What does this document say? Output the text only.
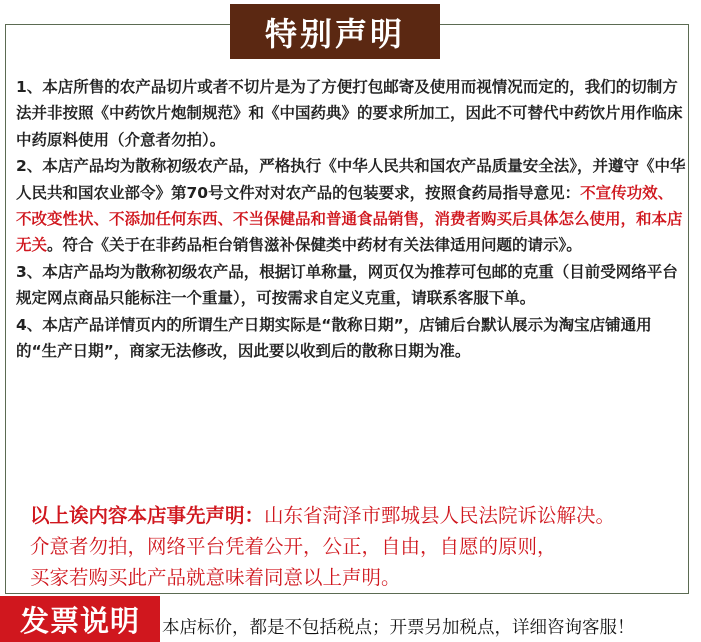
特别声明

1、本店所售的农产品切片或者不切片是为了方便打包邮寄及使用而视情况而定的，我们的切制方法并非按照《中药饮片炮制规范》和《中国药典》的要求所加工，因此不可替代中药饮片用作临床中药原料使用（介意者勿拍）。

2、本店产品均为散称初级农产品，严格执行《中华人民共和国农产品质量安全法》，并遵守《中华人民共和国农业部令》第70号文件对对农产品的包装要求，按照食药局指导意见：不宣传功效、不改变性状、不添加任何东西、不当保健品和普通食品销售，消费者购买后具体怎么使用，和本店无关。符合《关于在非药品柜台销售滋补保健类中药材有关法律适用问题的请示》。

3、本店产品均为散称初级农产品，根据订单称量，网页仅为推荐可包邮的克重（目前受网络平台规定网点商品只能标注一个重量），可按需求自定义克重，请联系客服下单。

4、本店产品详情页内的所谓生产日期实际是“散称日期”，店铺后台默认展示为淘宝店铺通用的“生产日期”，商家无法修改，因此要以收到后的散称日期为准。

以上诶内容本店事先声明：山东省菏泽市鄄城县人民法院诉讼解决。

介意者勿拍，网络平台凭着公开，公正，自由，自愿的原则，

买家若购买此产品就意味着同意以上声明。

发票说明	本店标价，都是不包括税点；开票另加税点，详细咨询客服！
